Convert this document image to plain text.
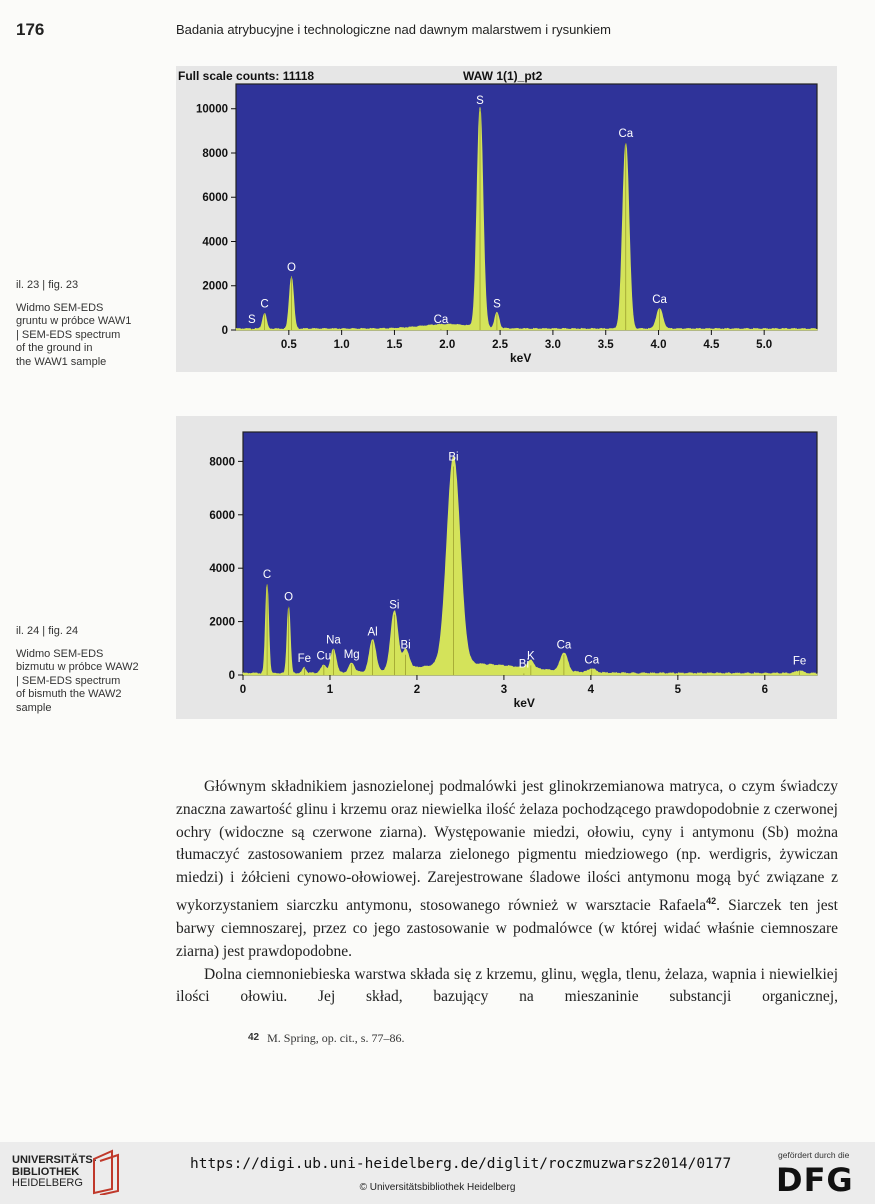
176	Badania atrybucyjne i technologiczne nad dawnym malarstwem i rysunkiem
il. 23 | fig. 23
Widmo SEM-EDS
gruntu w próbce WAW1
| SEM-EDS spectrum
of the ground in
the WAW1 sample
il. 24 | fig. 24
Widmo SEM-EDS
bizmutu w próbce WAW2
| SEM-EDS spectrum
of bismuth the WAW2
sample
Full scale counts: 11118	WAW 1(1)_pt2
S
C
O
Ca
S
S
Ca
Ca
0
2000
4000
6000
8000
10000
0.5	1.0	1.5	2.0	2.5	3.0	3.5	4.0	4.5	5.0
keV
C
O
Fe Cu
Na
Mg
Al
Si
Bi
Bi
K
Bi
Ca
Ca	Fe
0
2000
4000
6000
8000
0	1	2	3	4	5	6
keV

Głównym składnikiem jasnozielonej podmalówki jest glinokrzemianowa matryca, o czym świadczy znaczna zawartość glinu i krzemu oraz niewielka ilość żelaza pochodzącego prawdopodobnie z czerwonej ochry (widoczne są czerwone ziarna). Występowanie miedzi, ołowiu, cyny i antymonu (Sb) można tłumaczyć zastosowaniem przez malarza zielonego pigmentu miedziowego (np. werdigris, żywiczan miedzi) i żółcieni cynowo-ołowiowej. Zarejestrowane śladowe ilości antymonu mogą być związane z wykorzystaniem siarczku antymonu, stosowanego również w warsztacie Rafaela$^{42}$. Siarczek ten jest barwy ciemnoszarej, przez co jego zastosowanie w podmalówce (w której widać właśnie ciemnoszare ziarna) jest prawdopodobne.

Dolna ciemnoniebieska warstwa składa się z krzemu, glinu, węgla, tlenu, żelaza, wapnia i niewielkiej ilości ołowiu. Jej skład, bazujący na mieszaninie substancji organicznej,

42 M. Spring, op. cit., s. 77–86.
UNIVERSITÄTS-
BIBLIOTHEK
HEIDELBERG
https://digi.ub.uni-heidelberg.de/diglit/roczmuzwarsz2014/0177
© Universitätsbibliothek Heidelberg
gefördert durch die
DFG
